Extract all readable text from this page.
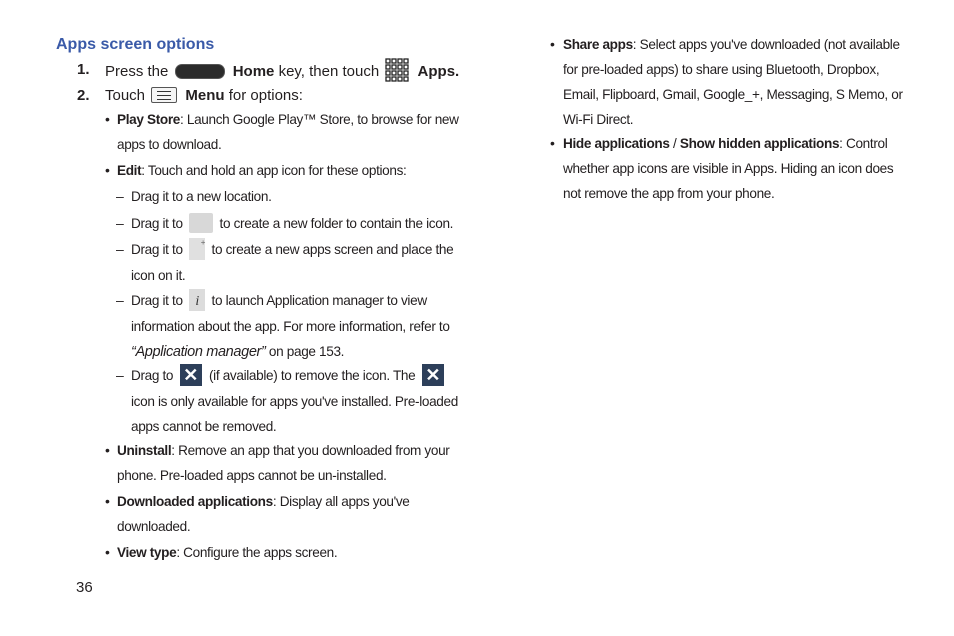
Apps screen options
1. Press the	Home key, then touch	Apps.
2. Touch	Menu for options:
• Play Store: Launch Google Play™ Store, to browse for new apps to download.
• Edit: Touch and hold an app icon for these options:
– Drag it to a new location.
– Drag it to  to create a new folder to contain the icon.
– Drag it to + to create a new apps screen and place the icon on it.
– Drag it to i to launch Application manager to view information about the app. For more information, refer to “Application manager” on page 153.
– Drag to ✕ (if available) to remove the icon. The ✕ icon is only available for apps you've installed. Pre-loaded apps cannot be removed.
• Uninstall: Remove an app that you downloaded from your phone. Pre-loaded apps cannot be un-installed.
• Downloaded applications: Display all apps you've downloaded.
• View type: Configure the apps screen.
• Share apps: Select apps you've downloaded (not available for pre-loaded apps) to share using Bluetooth, Dropbox, Email, Flipboard, Gmail, Google_+, Messaging, S Memo, or Wi-Fi Direct.
• Hide applications / Show hidden applications: Control whether app icons are visible in Apps. Hiding an icon does not remove the app from your phone.
36
